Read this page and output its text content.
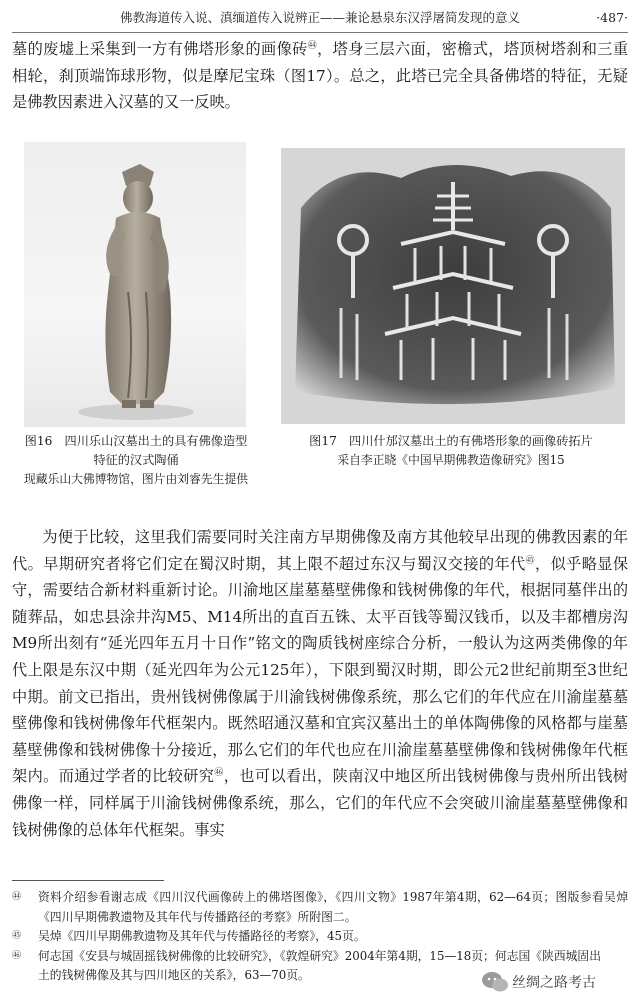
佛教海道传入说、滇缅道传入说辨正——兼论悬泉东汉浮屠简发现的意义	·487·
墓的废墟上采集到一方有佛塔形象的画像砖$^㊹$，塔身三层六面，密檐式，塔顶树塔刹和三重相轮，刹顶端饰球形物，似是摩尼宝珠（图17）。总之，此塔已完全具备佛塔的特征，无疑是佛教因素进入汉墓的又一反映。
图16　四川乐山汉墓出土的具有佛像造型
特征的汉式陶俑
现藏乐山大佛博物馆，图片由刘睿先生提供
图17　四川什邡汉墓出土的有佛塔形象的画像砖拓片
采自李正晓《中国早期佛教造像研究》图15
为便于比较，这里我们需要同时关注南方早期佛像及南方其他较早出现的佛教因素的年代。早期研究者将它们定在蜀汉时期，其上限不超过东汉与蜀汉交接的年代$^㊺$，似乎略显保守，需要结合新材料重新讨论。川渝地区崖墓墓壁佛像和钱树佛像的年代，根据同墓伴出的随葬品，如忠县涂井沟M5、M14所出的直百五铢、太平百钱等蜀汉钱币，以及丰都槽房沟M9所出刻有“延光四年五月十日作”铭文的陶质钱树座综合分析，一般认为这两类佛像的年代上限是东汉中期（延光四年为公元125年），下限到蜀汉时期，即公元2世纪前期至3世纪中期。前文已指出，贵州钱树佛像属于川渝钱树佛像系统，那么它们的年代应在川渝崖墓墓壁佛像和钱树佛像年代框架内。既然昭通汉墓和宜宾汉墓出土的单体陶佛像的风格都与崖墓墓壁佛像和钱树佛像十分接近，那么它们的年代也应在川渝崖墓墓壁佛像和钱树佛像年代框架内。而通过学者的比较研究$^㊻$，也可以看出，陕南汉中地区所出钱树佛像与贵州所出钱树佛像一样，同样属于川渝钱树佛像系统，那么，它们的年代应不会突破川渝崖墓墓壁佛像和钱树佛像的总体年代框架。事实
㊹	资料介绍参看谢志成《四川汉代画像砖上的佛塔图像》，《四川文物》1987年第4期，62—64页；图版参看吴焯《四川早期佛教遗物及其年代与传播路径的考察》所附图二。
㊺	吴焯《四川早期佛教遗物及其年代与传播路径的考察》，45页。
㊻	何志国《安县与城固摇钱树佛像的比较研究》，《敦煌研究》2004年第4期，15—18页；何志国《陕西城固出
土的钱树佛像及其与四川地区的关系》，63—70页。	丝绸之路考古
